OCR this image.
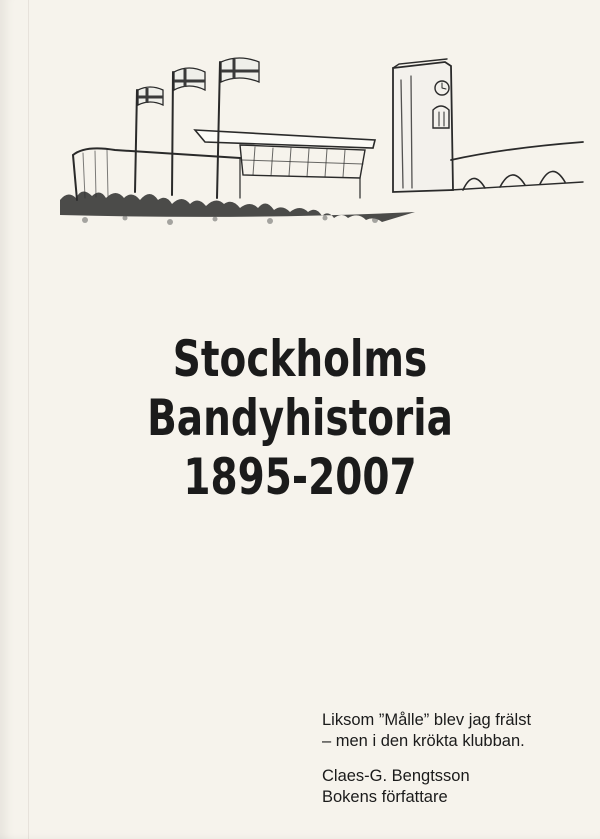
Stockholms
Bandyhistoria
1895-2007
Liksom ”Målle” blev jag frälst
– men i den krökta klubban.
Claes-G. Bengtsson
Bokens författare
